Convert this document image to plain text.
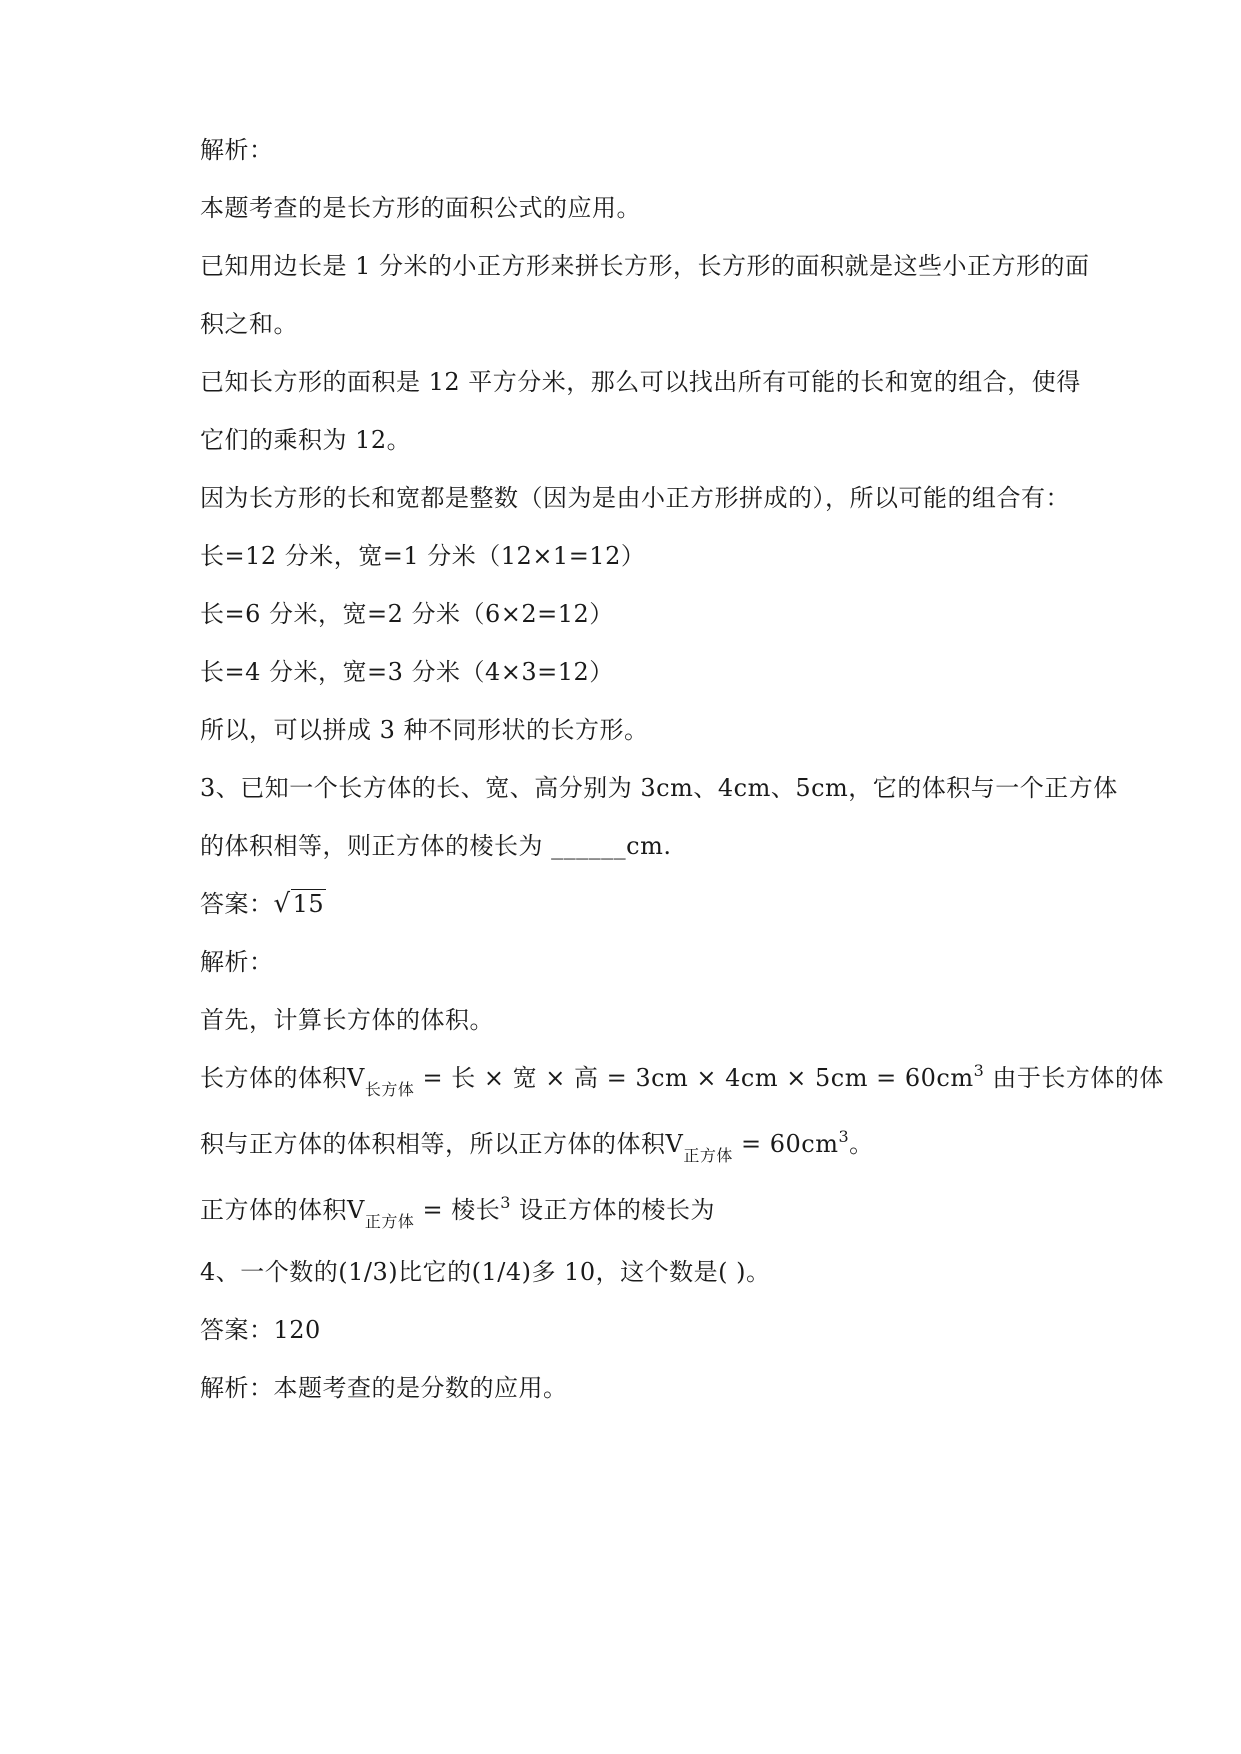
解析：
本题考查的是长方形的面积公式的应用。
已知用边长是 1 分米的小正方形来拼长方形，长方形的面积就是这些小正方形的面
积之和。
已知长方形的面积是 12 平方分米，那么可以找出所有可能的长和宽的组合，使得
它们的乘积为 12。
因为长方形的长和宽都是整数（因为是由小正方形拼成的），所以可能的组合有：
长=12 分米，宽=1 分米（12×1=12）
长=6 分米，宽=2 分米（6×2=12）
长=4 分米，宽=3 分米（4×3=12）
所以，可以拼成 3 种不同形状的长方形。
3、已知一个长方体的长、宽、高分别为 3cm、4cm、5cm，它的体积与一个正方体
的体积相等，则正方体的棱长为 ______cm.
答案：√15
解析：
首先，计算长方体的体积。
长方体的体积$V_{长方体}$ = 长 × 宽 × 高 = $3cm \times 4cm \times 5cm = 60cm^3$ 由于长方体的体
积与正方体的体积相等，所以正方体的体积$V_{正方体} = 60cm^3$。
正方体的体积$V_{正方体}$ = 棱长$^3$ 设正方体的棱长为
4、一个数的(1/3)比它的(1/4)多 10，这个数是( )。
答案：120
解析：本题考查的是分数的应用。
